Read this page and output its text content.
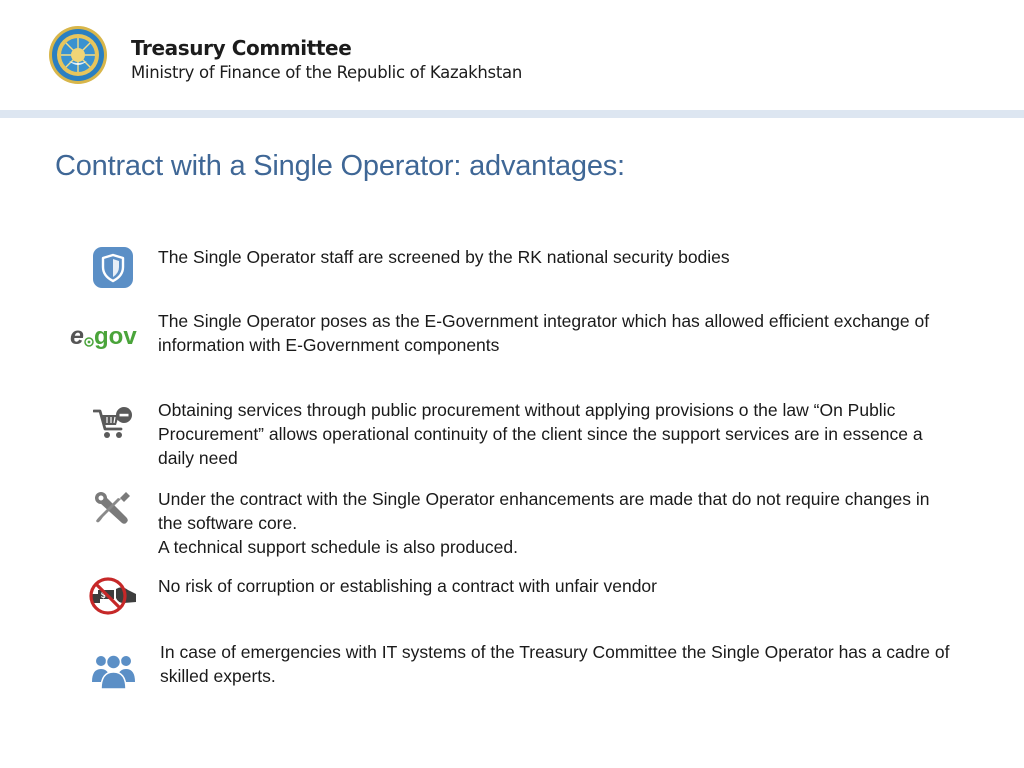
Treasury Committee
Ministry of Finance of the Republic of Kazakhstan
Contract with a Single Operator: advantages:
The Single Operator staff are screened by the RK national security bodies
e gov
The Single Operator poses as the E-Government integrator which has allowed efficient exchange of information with E-Government components
Obtaining services through public procurement without applying provisions o the law “On Public Procurement” allows operational continuity of the client since the support services are in essence a daily need
Under the contract with the Single Operator enhancements are made that do not require changes in the software core.
A technical support schedule is also produced.
$	No risk of corruption or establishing a contract with unfair vendor
In case of emergencies with IT systems of the Treasury Committee the Single Operator has a cadre of skilled experts.
